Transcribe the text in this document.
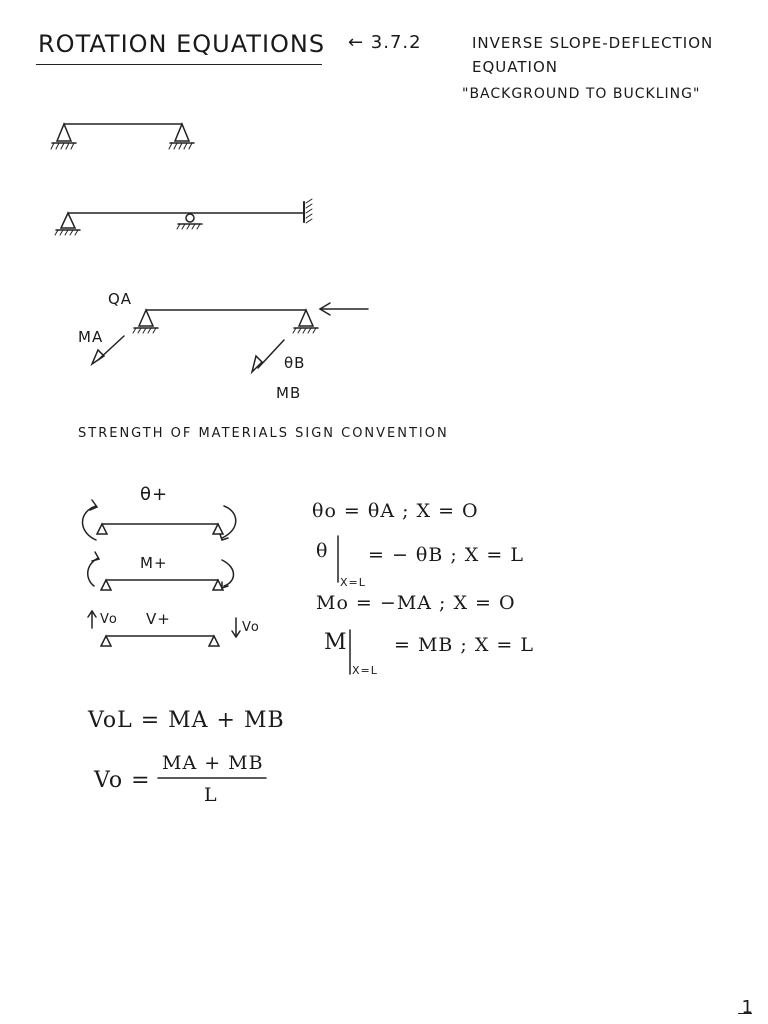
ROTATION EQUATIONS ← 3.7.2	INVERSE SLOPE-DEFLECTION
EQUATION
"BACKGROUND TO BUCKLING"
QA
MA
θB
MB
STRENGTH OF MATERIALS SIGN CONVENTION
θ+
M+
V+
Vo
Vo
θo = θA ; X = O
θ
X=L
= − θB ; X = L
Mo = −MA ; X = O
M
X=L
= MB ; X = L
VoL = MA + MB
Vo =
MA + MB
L
1
